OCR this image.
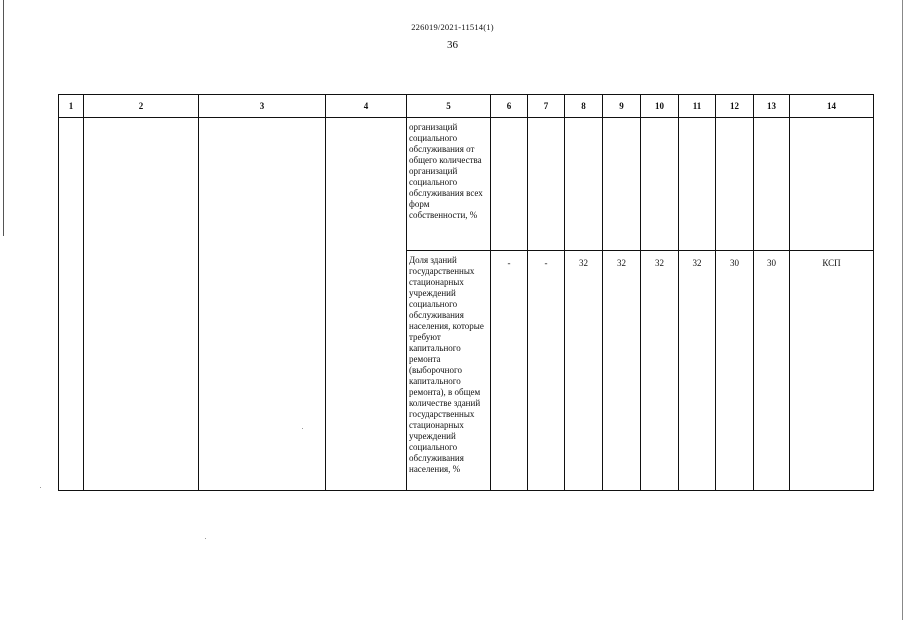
226019/2021-11514(1)
36
1	2	3	4	5	6	7	8	9	10	11	12	13	14
				организаций социального обслуживания от общего количества организаций социального обслуживания всех форм собственности, %									
				Доля зданий государственных стационарных учреждений социального обслуживания населения, которые требуют капитального ремонта (выборочного капитального ремонта), в общем количестве зданий государственных стационарных учреждений социального обслуживания населения, %	-	-	32	32	32	32	30	30	КСП
